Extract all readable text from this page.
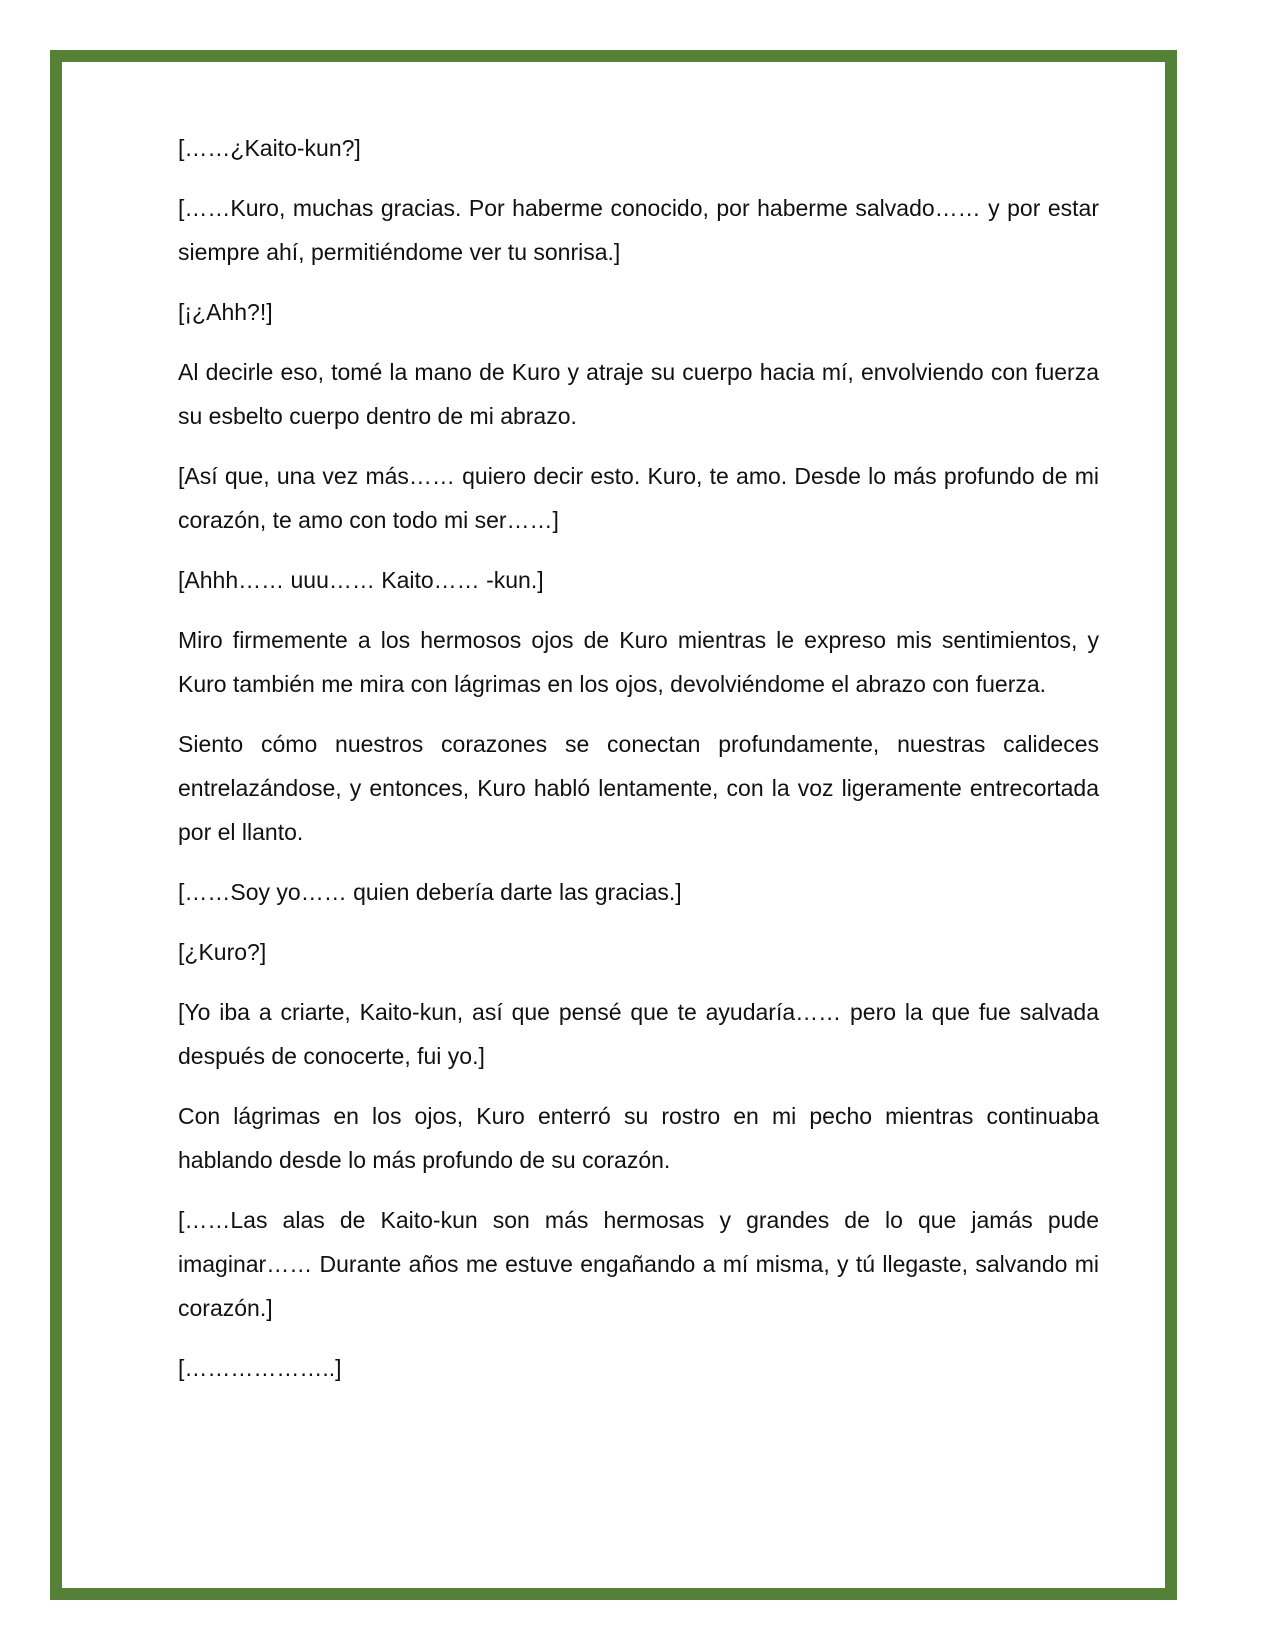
[……¿Kaito-kun?]

[……Kuro, muchas gracias. Por haberme conocido, por haberme salvado…… y por estar siempre ahí, permitiéndome ver tu sonrisa.]

[¡¿Ahh?!]

Al decirle eso, tomé la mano de Kuro y atraje su cuerpo hacia mí, envolviendo con fuerza su esbelto cuerpo dentro de mi abrazo.

[Así que, una vez más…… quiero decir esto. Kuro, te amo. Desde lo más profundo de mi corazón, te amo con todo mi ser……]

[Ahhh…… uuu…… Kaito…… -kun.]

Miro firmemente a los hermosos ojos de Kuro mientras le expreso mis sentimientos, y Kuro también me mira con lágrimas en los ojos, devolviéndome el abrazo con fuerza.

Siento cómo nuestros corazones se conectan profundamente, nuestras calideces entrelazándose, y entonces, Kuro habló lentamente, con la voz ligeramente entrecortada por el llanto.

[……Soy yo…… quien debería darte las gracias.]

[¿Kuro?]

[Yo iba a criarte, Kaito-kun, así que pensé que te ayudaría…… pero la que fue salvada después de conocerte, fui yo.]

Con lágrimas en los ojos, Kuro enterró su rostro en mi pecho mientras continuaba hablando desde lo más profundo de su corazón.

[……Las alas de Kaito-kun son más hermosas y grandes de lo que jamás pude imaginar…… Durante años me estuve engañando a mí misma, y tú llegaste, salvando mi corazón.]

[………………..]
